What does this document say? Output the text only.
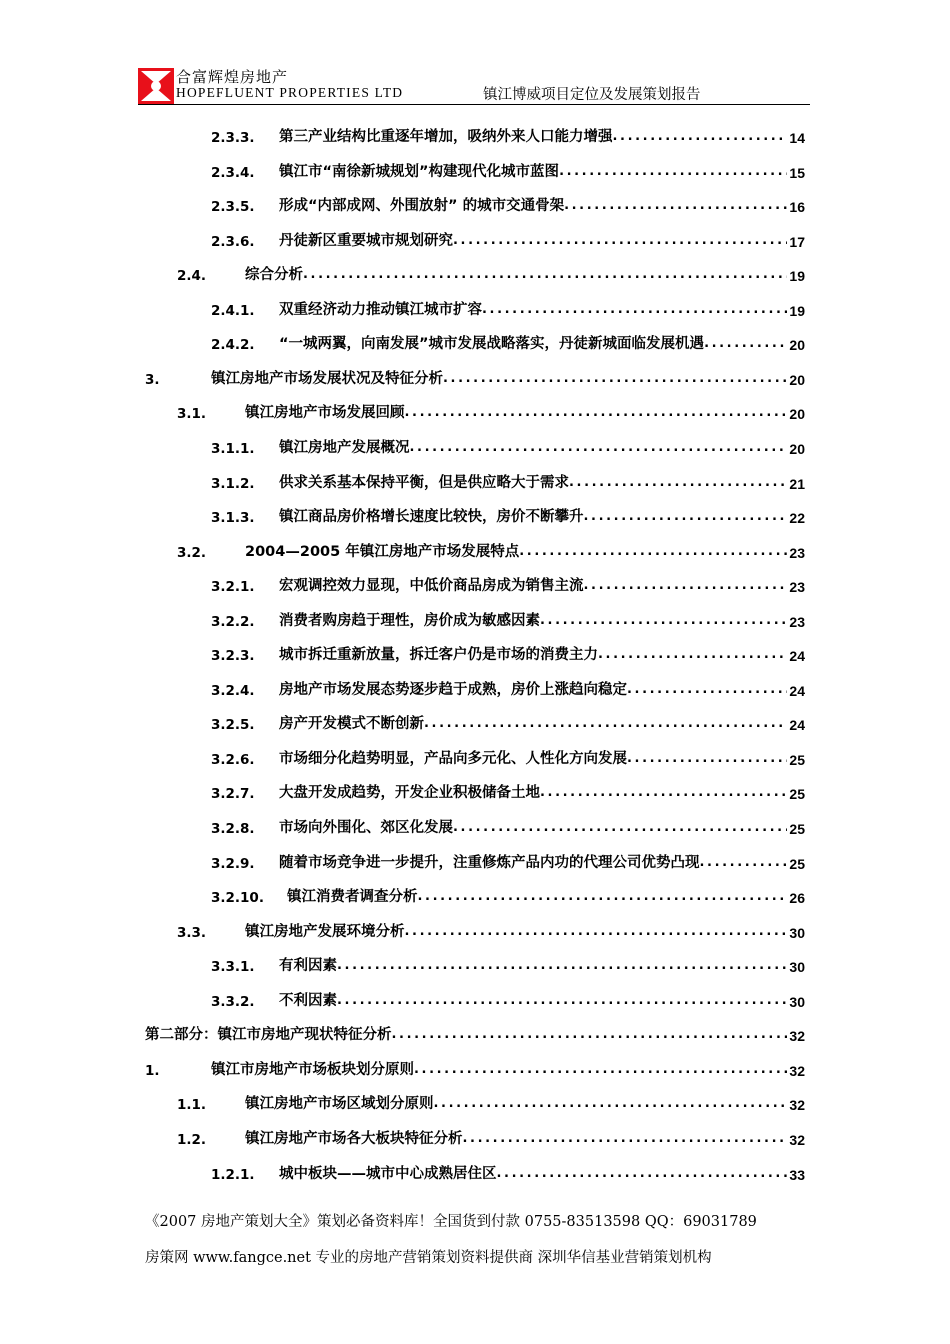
合富辉煌房地产
HOPEFLUENT PROPERTIES LTD	镇江博威项目定位及发展策划报告
2.3.3.	第三产业结构比重逐年增加，吸纳外来人口能力增强 .....	14
2.3.4.	镇江市“南徐新城规划”构建现代化城市蓝图 .....	15
2.3.5.	形成“内部成网、外围放射” 的城市交通骨架 .....	16
2.3.6.	丹徒新区重要城市规划研究 .....	17
2.4.	综合分析 .....	19
2.4.1.	双重经济动力推动镇江城市扩容 .....	19
2.4.2.	“一城两翼，向南发展”城市发展战略落实，丹徒新城面临发展机遇 .....	20
3.	镇江房地产市场发展状况及特征分析 .....	20
3.1.	镇江房地产市场发展回顾 .....	20
3.1.1.	镇江房地产发展概况 .....	20
3.1.2.	供求关系基本保持平衡，但是供应略大于需求 .....	21
3.1.3.	镇江商品房价格增长速度比较快，房价不断攀升 .....	22
3.2.	2004—2005 年镇江房地产市场发展特点 .....	23
3.2.1.	宏观调控效力显现，中低价商品房成为销售主流 .....	23
3.2.2.	消费者购房趋于理性，房价成为敏感因素 .....	23
3.2.3.	城市拆迁重新放量，拆迁客户仍是市场的消费主力 .....	24
3.2.4.	房地产市场发展态势逐步趋于成熟，房价上涨趋向稳定 .....	24
3.2.5.	房产开发模式不断创新 .....	24
3.2.6.	市场细分化趋势明显，产品向多元化、人性化方向发展 .....	25
3.2.7.	大盘开发成趋势，开发企业积极储备土地 .....	25
3.2.8.	市场向外围化、郊区化发展 .....	25
3.2.9.	随着市场竞争进一步提升，注重修炼产品内功的代理公司优势凸现 .....	25
3.2.10.	镇江消费者调查分析 .....	26
3.3.	镇江房地产发展环境分析 .....	30
3.3.1.	有利因素 .....	30
3.3.2.	不利因素 .....	30
第二部分：镇江市房地产现状特征分析 .....	32
1.	镇江市房地产市场板块划分原则 .....	32
1.1.	镇江房地产市场区域划分原则 .....	32
1.2.	镇江房地产市场各大板块特征分析 .....	32
1.2.1.	城中板块——城市中心成熟居住区 .....	33
《2007 房地产策划大全》策划必备资料库！全国货到付款 0755-83513598 QQ：69031789
房策网 www.fangce.net 专业的房地产营销策划资料提供商 深圳华信基业营销策划机构
